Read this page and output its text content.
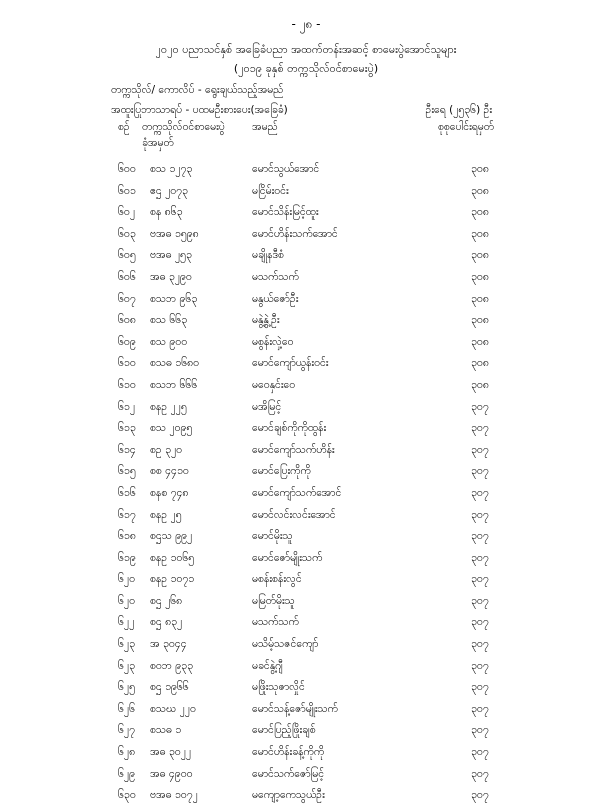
- ၂၈ -
၂၀၂၀ ပညာသင်နှစ် အခြေခံပညာ အထက်တန်းအဆင့် စာမေးပွဲအောင်သူများ
(၂၀၁၉ ခုနှစ် တက္ကသိုလ်ဝင်စာမေးပွဲ)
တက္ကသိုလ်/ ကောလိပ် - ရွေးချယ်သည့်အမည်
အထူးပြုဘာသာရပ် - ပထမဦးစားပေး(အခြေခံ)	ဦးရေ (၂၅၃၆) ဦး
စဉ် တက္ကသိုလ်ဝင်စာမေးပွဲ	အမည်	စုစုပေါင်းရမှတ်
ခုံအမှတ်
၆၀၀ စသ ၁၂၇၃	မောင်သွယ်အောင်	၃၀၈
၆၀၁ ဧဌ ၂၀၇၃	မငြိမ်းဝင်း	၃၀၈
၆၀၂ စန ၈၆၃	မောင်သိန်းမြင့်ထူး	၃၀၈
၆၀၃ ဗအဓ ၁၅၉၈	မောင်ဟိန်းသက်အောင်	၃၀၈
၆၀၅ ဗအဓ ၂၅၃	မချိုနဒီစံ	၃၀၈
၆၀၆ အဓ ၃၂၉၀	မသက်သက်	၃၀၈
၆၀၇ စသဘ ၉၆၃	မနွယ်ဇော်ဦး	၃၀၈
၆၀၈ စသ ၆၆၃	မနွဲ့နွဲ့ဦး	၃၀၈
၆၀၉ စသ ၉၀၀	မစွန်းလှဲ့ဝေ	၃၀၈
၆၁၀ စသဓ ၁၆၈၀	မောင်ကျော်ယွန်းဝင်း	၃၀၈
၆၁၀ စသဘ ၆၆၆	မဝေနှင်းဝေ	၃၀၈
၆၁၂ စနဥ ၂၂၅	မအိမြင့်	၃၀၇
၆၁၃ စသ ၂၀၉၅	မောင်ချစ်ကိုကိုထွန်း	၃၀၇
၆၁၄ စဥ ၃၂၀	မောင်ကျော်သက်ဟိန်း	၃၀၇
၆၁၅ စစ ၄၄၁၀	မောင်ပြေးကိုကို	၃၀၇
၆၁၆ စနစ ၇၄၈	မောင်ကျော်သက်အောင်	၃၀၇
၆၁၇ စနဥ ၂၅	မောင်လင်းလင်းအောင်	၃၀၇
၆၁၈ စဌသ ၉၉၂	မောင်မိုးသူ	၃၀၇
၆၁၉ စနဥ ၁၀၆၅	မောင်ဇော်မျိုးသက်	၃၀၇
၆၂၀ စနဥ ၁၀၇၁	မစန်းစန်းလွင်	၃၀၇
၆၂၀ စဌ ၂၆၈	မမြတ်မိုးသူ	၃၀၇
၆၂၂ စဌ ၈၃၂	မသက်သက်	၃၀၇
၆၂၃ အ ၃၀၄၄	မသိမ့်သဇင်ကျော်	၃၀၇
၆၂၃ စဝဘ ၉၃၃	မခင်နွဲ့ဂျီ	၃၀၇
၆၂၅ စဌ ၁၉၆၆	မဖြိုးသုဇာလှိုင်	၃၀၇
၆၂၆ စသဃ ၂၂၀	မောင်သန့်ဇော်မျိုးသက်	၃၀၇
၆၂၇ စသဓ ၁	မောင်ပြည့်ဖြိုးချစ်	၃၀၇
၆၂၈ အဓ ၃၀၂၂	မောင်ဟိန်းခန့်ကိုကို	၃၀၇
၆၂၉ အဓ ၄၉၀၀	မောင်သက်ဇော်မြင့်	၃၀၇
၆၃၀ ဗအဓ ၁၀၇၂	မကျော့ကေသွယ်ဦး	၃၀၇
